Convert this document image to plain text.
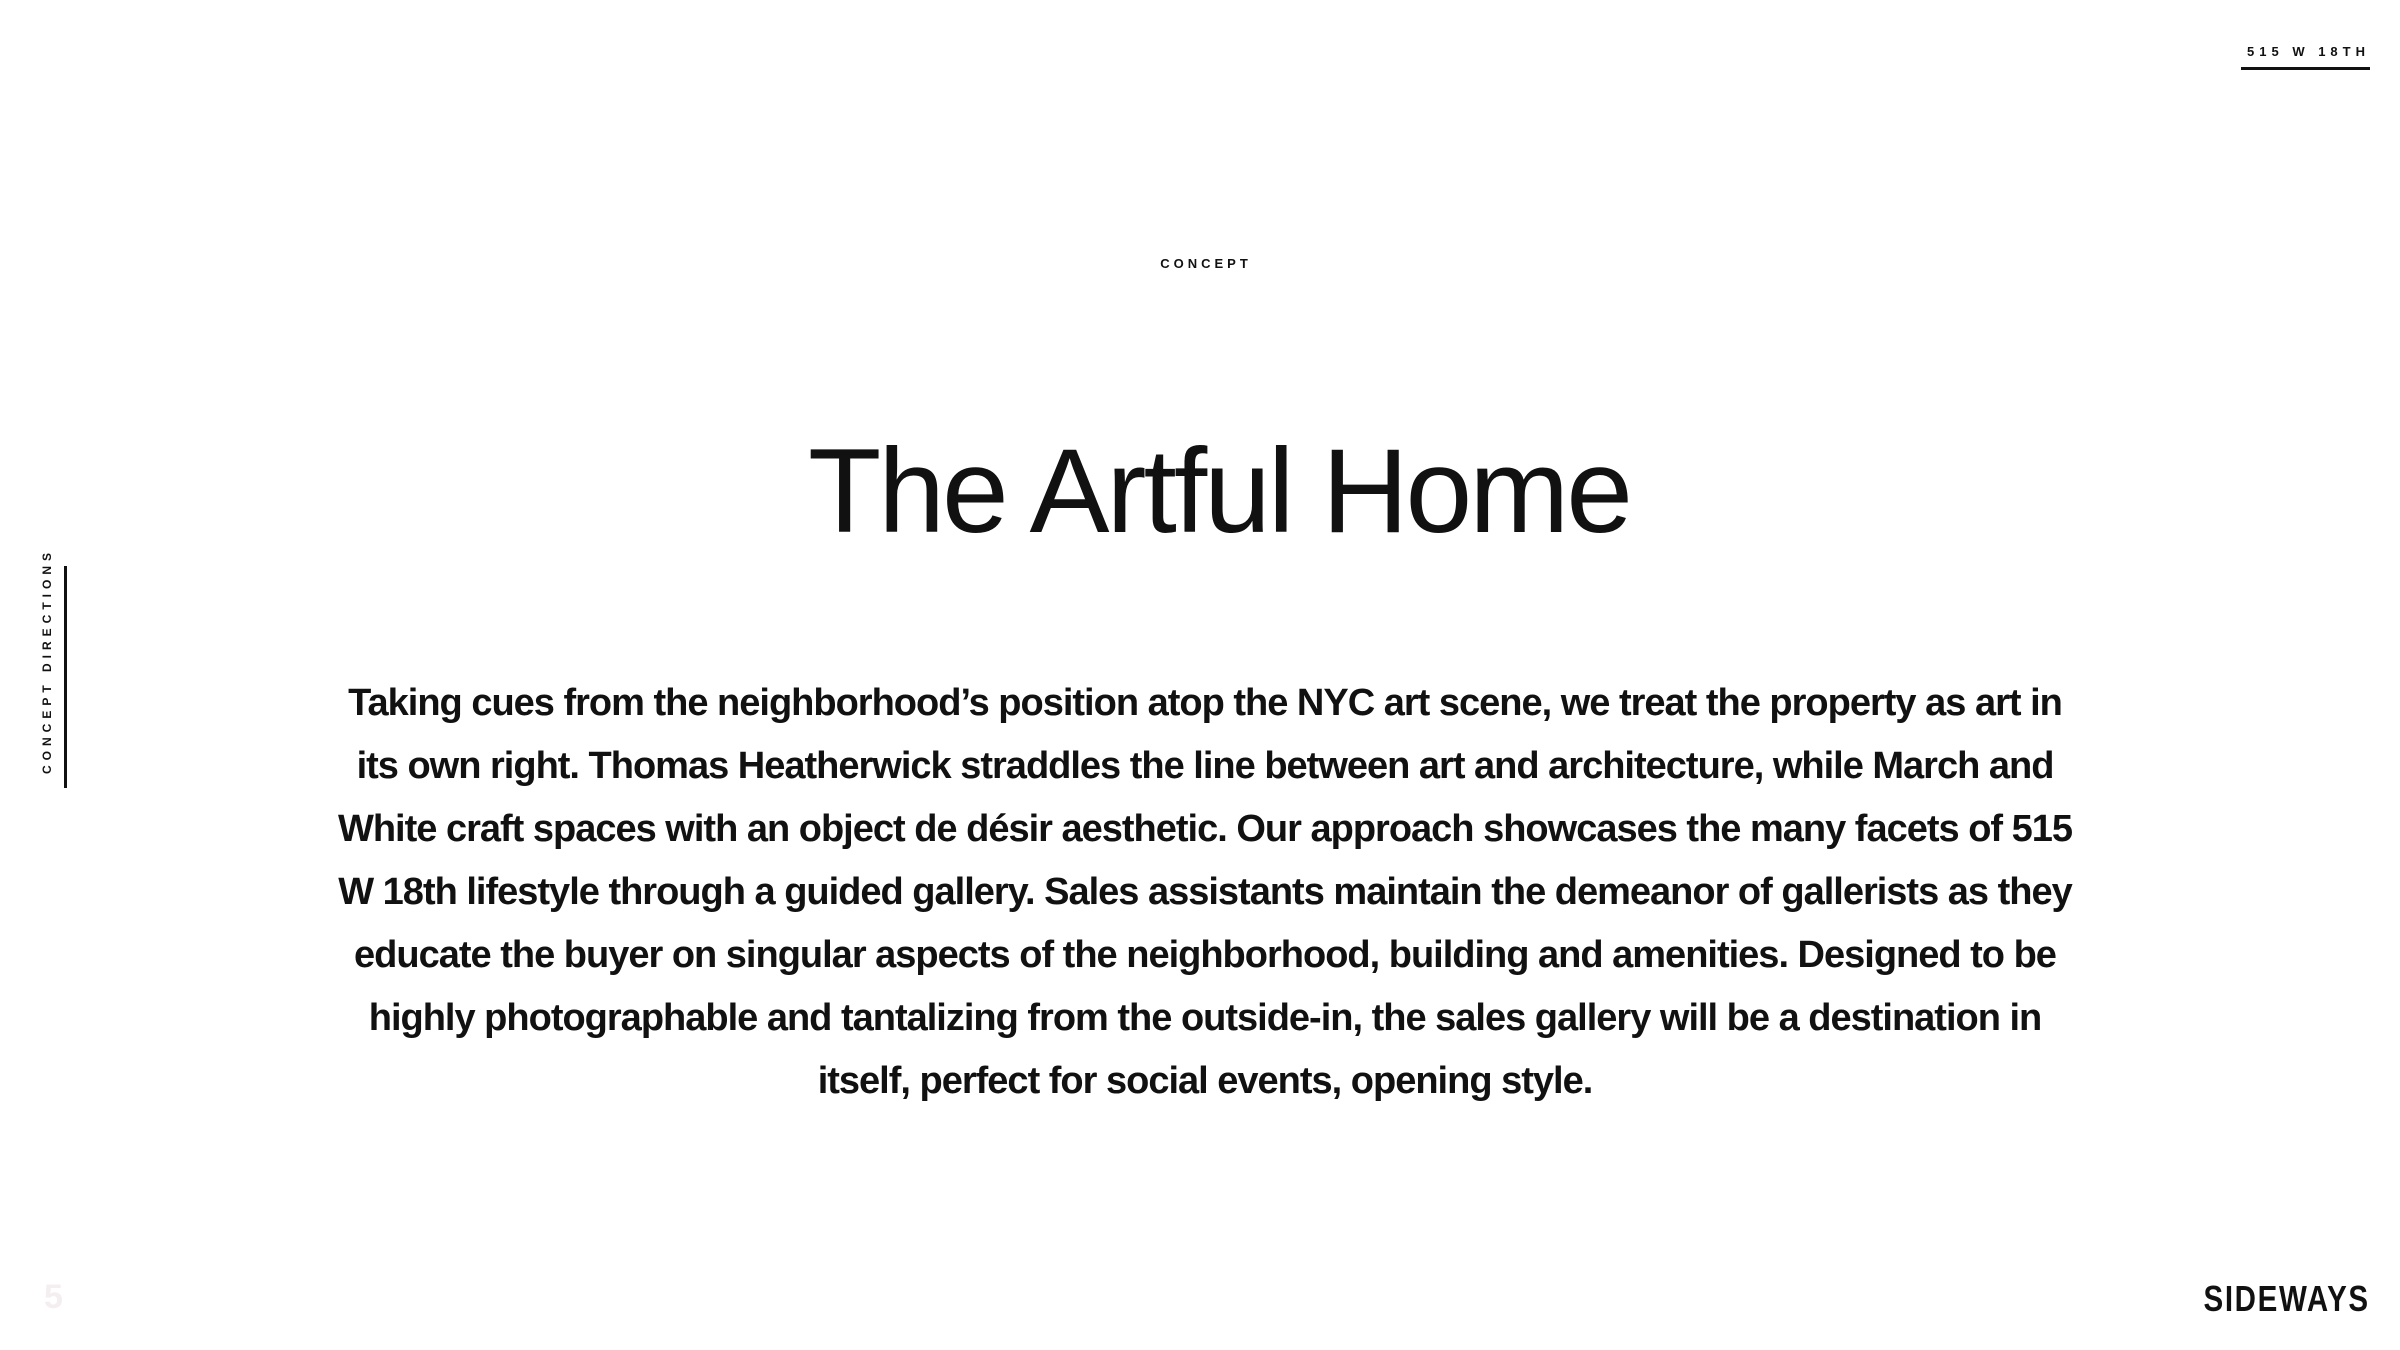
515 W 18TH
CONCEPT
The Artful Home

Taking cues from the neighborhood’s position atop the NYC art scene, we treat the property as art in its own right. Thomas Heatherwick straddles the line between art and architecture, while March and White craft spaces with an object de désir aesthetic. Our approach showcases the many facets of 515 W 18th lifestyle through a guided gallery. Sales assistants maintain the demeanor of gallerists as they educate the buyer on singular aspects of the neighborhood, building and amenities. Designed to be highly photographable and tantalizing from the outside-in, the sales gallery will be a destination in itself, perfect for social events, opening style.

CONCEPT DIRECTIONS
5	SIDEWAYS
